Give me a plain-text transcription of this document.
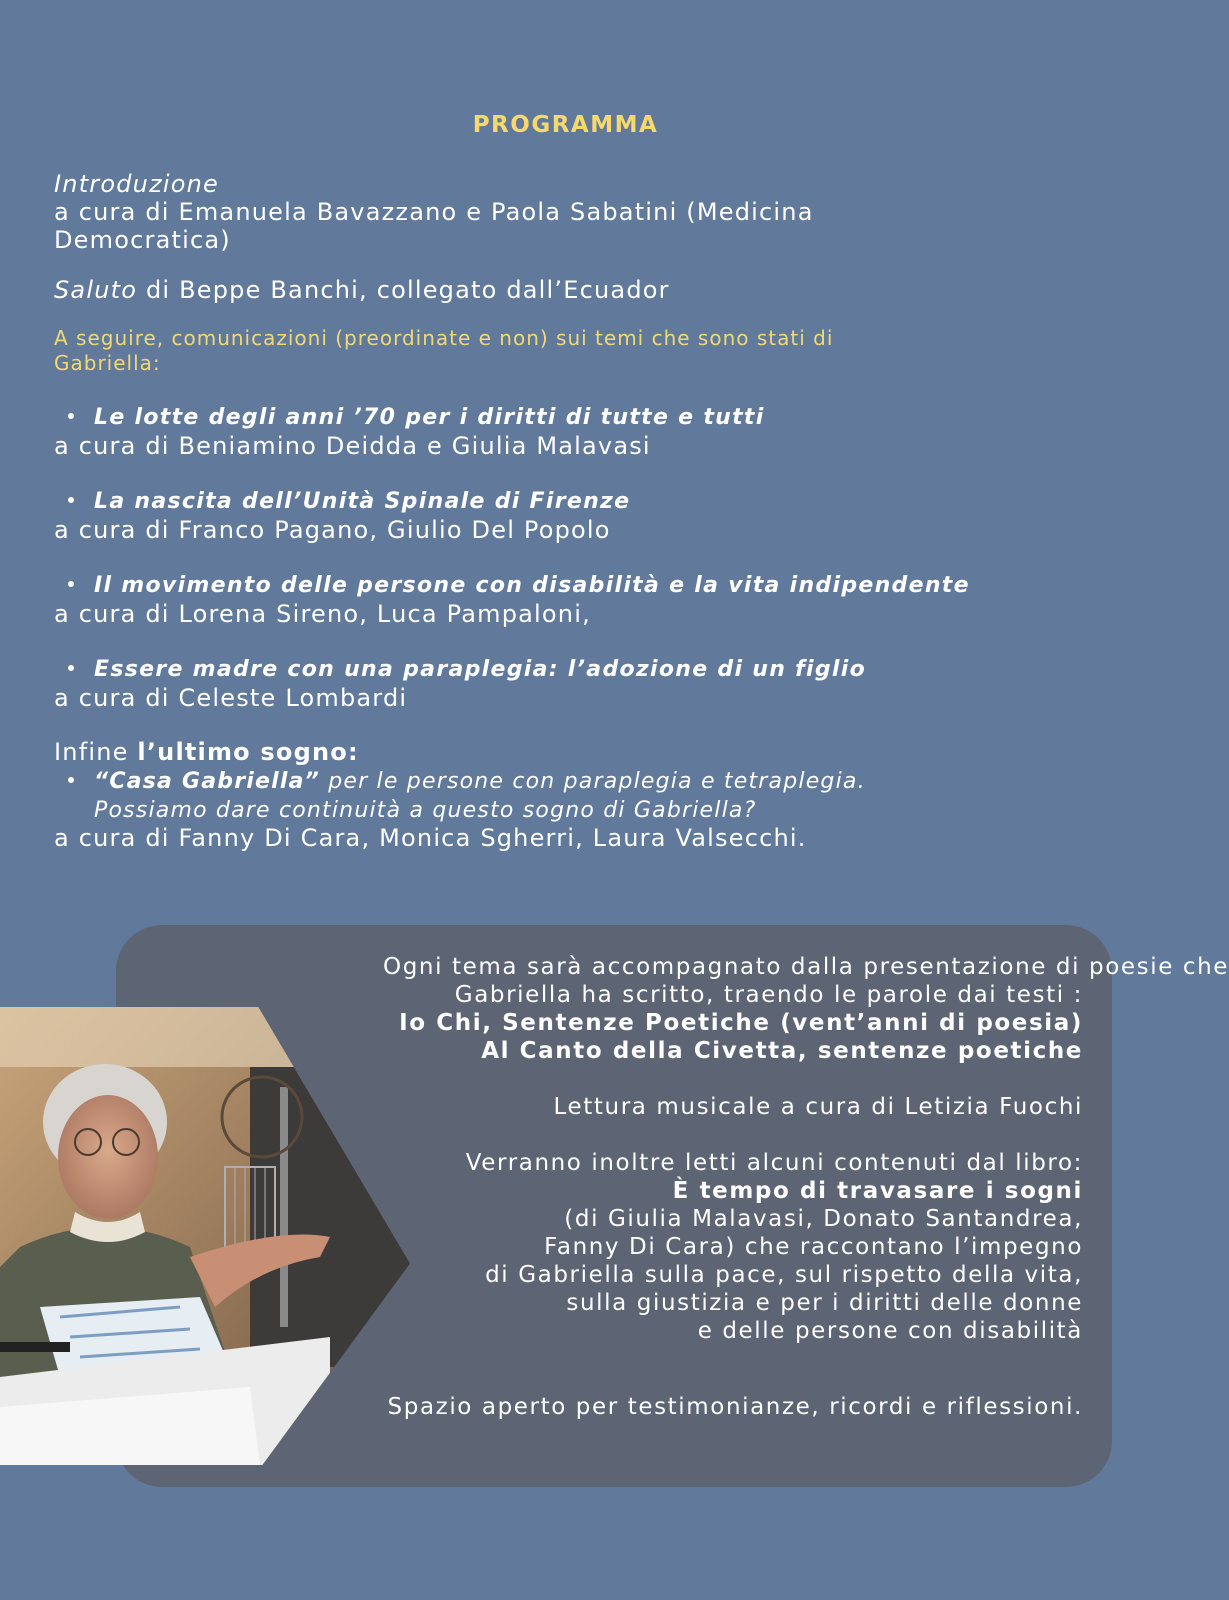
PROGRAMMA
Introduzione
a cura di Emanuela Bavazzano e Paola Sabatini (Medicina
Democratica)
Saluto di Beppe Banchi, collegato dall’Ecuador
A seguire, comunicazioni (preordinate e non) sui temi che sono stati di
Gabriella:
Le lotte degli anni ’70 per i diritti di tutte e tutti
a cura di Beniamino Deidda e Giulia Malavasi
La nascita dell’Unità Spinale di Firenze
a cura di Franco Pagano, Giulio Del Popolo
Il movimento delle persone con disabilità e la vita indipendente
a cura di Lorena Sireno, Luca Pampaloni,
Essere madre con una paraplegia: l’adozione di un figlio
a cura di Celeste Lombardi
Infine l’ultimo sogno:
“Casa Gabriella” per le persone con paraplegia e tetraplegia.
Possiamo dare continuità a questo sogno di Gabriella?
a cura di Fanny Di Cara, Monica Sgherri, Laura Valsecchi.
Ogni tema sarà accompagnato dalla presentazione di poesie che
Gabriella ha scritto, traendo le parole dai testi :
Io Chi, Sentenze Poetiche (vent’anni di poesia)
Al Canto della Civetta, sentenze poetiche
Lettura musicale a cura di Letizia Fuochi
Verranno inoltre letti alcuni contenuti dal libro:
È tempo di travasare i sogni
(di Giulia Malavasi, Donato Santandrea,
Fanny Di Cara) che raccontano l’impegno
di Gabriella sulla pace, sul rispetto della vita,
sulla giustizia e per i diritti delle donne
e delle persone con disabilità
Spazio aperto per testimonianze, ricordi e riflessioni.
